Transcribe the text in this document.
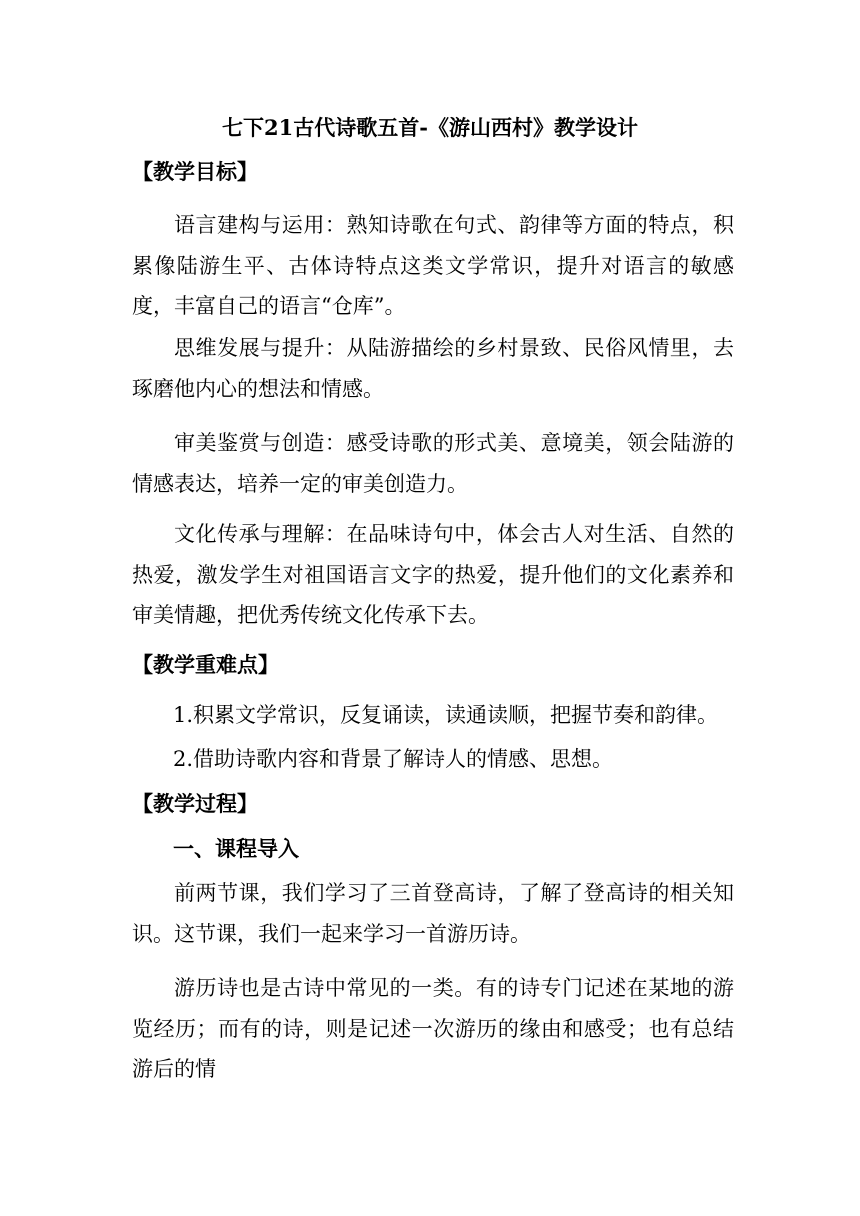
七下21古代诗歌五首-《游山西村》教学设计
【教学目标】

语言建构与运用：熟知诗歌在句式、韵律等方面的特点，积累像陆游生平、古体诗特点这类文学常识，提升对语言的敏感度，丰富自己的语言“仓库”。

思维发展与提升：从陆游描绘的乡村景致、民俗风情里，去琢磨他内心的想法和情感。

审美鉴赏与创造：感受诗歌的形式美、意境美，领会陆游的情感表达，培养一定的审美创造力。

文化传承与理解：在品味诗句中，体会古人对生活、自然的热爱，激发学生对祖国语言文字的热爱，提升他们的文化素养和审美情趣，把优秀传统文化传承下去。

【教学重难点】
1.积累文学常识，反复诵读，读通读顺，把握节奏和韵律。
2.借助诗歌内容和背景了解诗人的情感、思想。
【教学过程】
一、课程导入

前两节课，我们学习了三首登高诗，了解了登高诗的相关知识。这节课，我们一起来学习一首游历诗。

游历诗也是古诗中常见的一类。有的诗专门记述在某地的游览经历；而有的诗，则是记述一次游历的缘由和感受；也有总结游后的情
